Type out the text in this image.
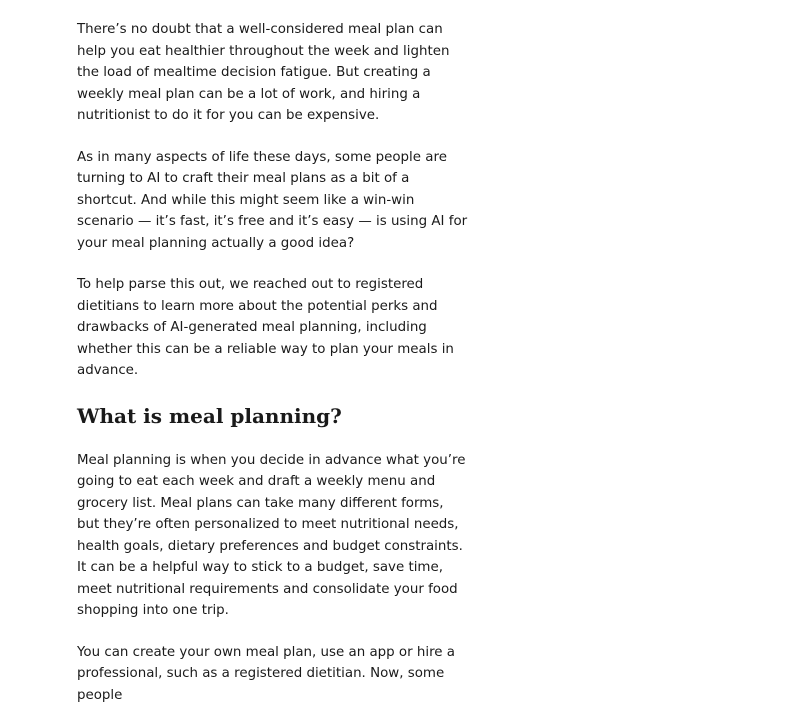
There’s no doubt that a well-considered meal plan can help you eat healthier throughout the week and lighten the load of mealtime decision fatigue. But creating a weekly meal plan can be a lot of work, and hiring a nutritionist to do it for you can be expensive.

As in many aspects of life these days, some people are turning to AI to craft their meal plans as a bit of a shortcut. And while this might seem like a win-win scenario — it’s fast, it’s free and it’s easy — is using AI for your meal planning actually a good idea?

To help parse this out, we reached out to registered dietitians to learn more about the potential perks and drawbacks of AI-generated meal planning, including whether this can be a reliable way to plan your meals in advance.

What is meal planning?

Meal planning is when you decide in advance what you’re going to eat each week and draft a weekly menu and grocery list. Meal plans can take many different forms, but they’re often personalized to meet nutritional needs, health goals, dietary preferences and budget constraints. It can be a helpful way to stick to a budget, save time, meet nutritional requirements and consolidate your food shopping into one trip.

You can create your own meal plan, use an app or hire a professional, such as a registered dietitian. Now, some people
